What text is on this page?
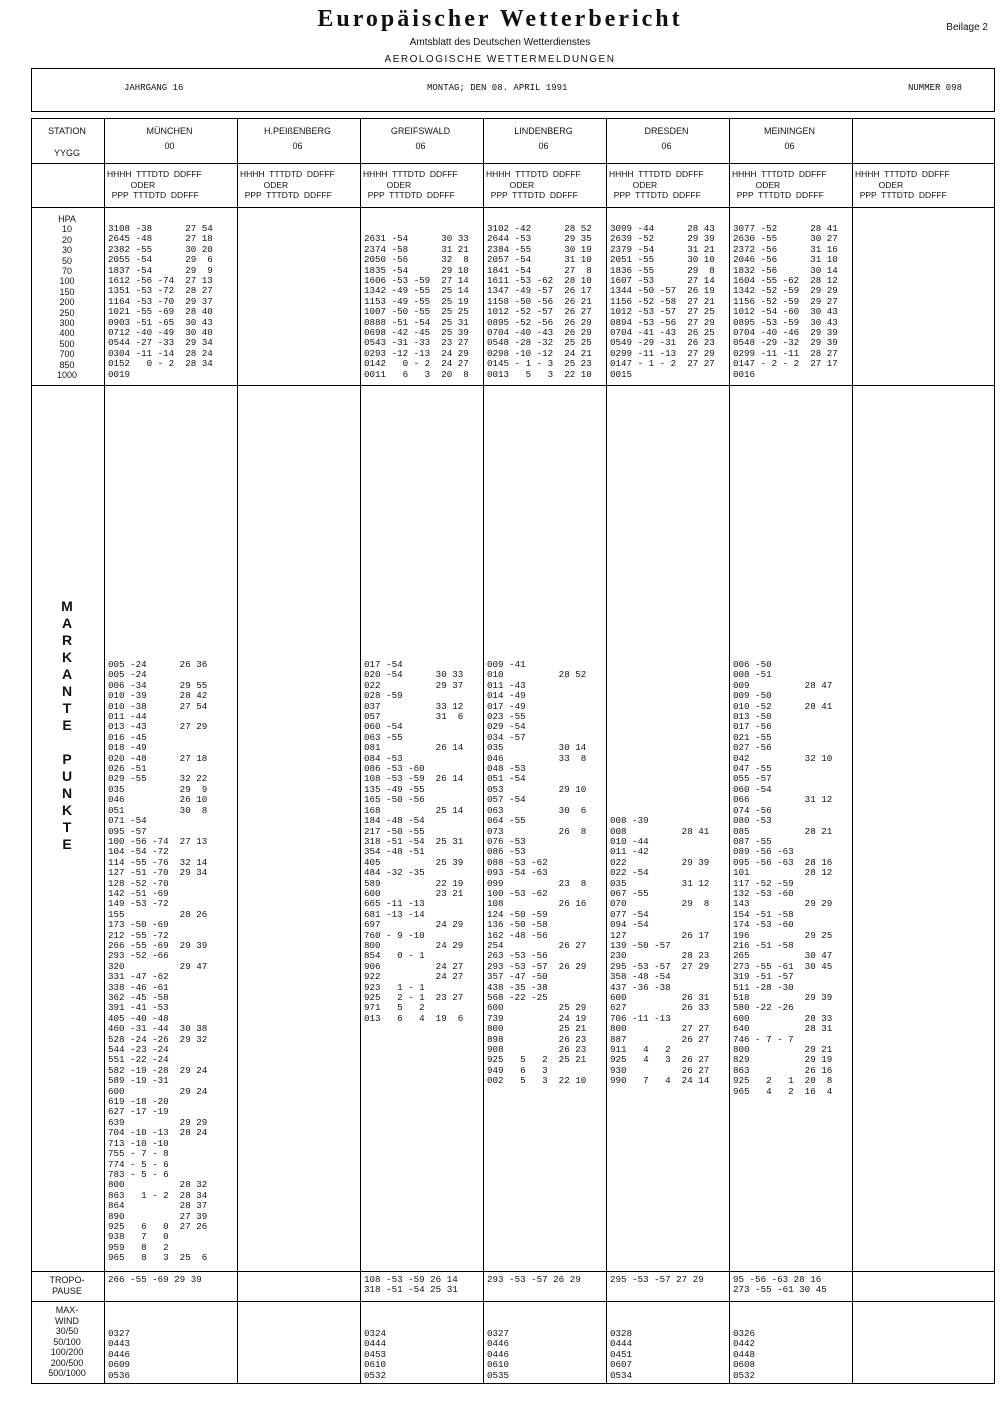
Europäischer Wetterbericht
Amtsblatt des Deutschen Wetterdienstes
AEROLOGISCHE WETTERMELDUNGEN
Beilage 2
JAHRGANG 16	MONTAG; DEN 08. APRIL 1991	NUMMER 098
STATION
YYGG
HPA
10
20
30
50
70
100
150
200
250
300
400
500
700
850
1000
M
A
R
K
A
N
T
E

P
U
N
K
T
E
TROPO-
PAUSE
MAX-
WIND
30/50
50/100
100/200
200/500
500/1000
MÜNCHEN
00
HHHH  TTTDTD  DDFFF
ODER
PPP  TTTDTD  DDFFF
3108 -38      27 54
2645 -48      27 18
2382 -55      30 20
2055 -54      29  6
1837 -54      29  9
1612 -56 -74  27 13
1351 -53 -72  28 27
1164 -53 -70  29 37
1021 -55 -69  28 40
0903 -51 -65  30 43
0712 -40 -49  30 40
0544 -27 -33  29 34
0304 -11 -14  28 24
0152   0 - 2  28 34
0019
005 -24      26 36
005 -24
006 -34      29 55
010 -39      28 42
010 -38      27 54
011 -44
013 -43      27 29
016 -45
018 -49
020 -48      27 18
026 -51
029 -55      32 22
035          29  9
046          26 10
051          30  8
071 -54
095 -57
100 -56 -74  27 13
104 -54 -72
114 -55 -76  32 14
127 -51 -70  29 34
128 -52 -70
142 -51 -69
149 -53 -72
155          28 26
173 -50 -69
212 -55 -72
266 -55 -69  29 39
293 -52 -66
320          29 47
331 -47 -62
338 -46 -61
362 -45 -58
391 -41 -53
405 -40 -48
460 -31 -44  30 38
528 -24 -26  29 32
544 -23 -24
551 -22 -24
582 -19 -28  29 24
589 -19 -31
600          29 24
619 -18 -20
627 -17 -19
639          29 29
704 -10 -13  28 24
713 -10 -10
755 - 7 - 8
774 - 5 - 6
783 - 5 - 6
800          28 32
863   1 - 2  28 34
864          28 37
890          27 39
925   6   0  27 26
938   7   0
959   8   2
965   8   3  25  6
266 -55 -69 29 39
0327
0443
0446
0609
0536
H.PEIßENBERG
06
HHHH  TTTDTD  DDFFF
ODER
PPP  TTTDTD  DDFFF
GREIFSWALD
06
HHHH  TTTDTD  DDFFF
ODER
PPP  TTTDTD  DDFFF

2631 -54      30 33
2374 -58      31 21
2050 -56      32  8
1835 -54      29 10
1606 -53 -59  27 14
1342 -49 -55  25 14
1153 -49 -55  25 19
1007 -50 -55  25 25
0888 -51 -54  25 31
0698 -42 -45  25 39
0543 -31 -33  23 27
0293 -12 -13  24 29
0142   0 - 2  24 27
0011   6   3  20  8
017 -54
020 -54      30 33
022          29 37
028 -59
037          33 12
057          31  6
060 -54
063 -55
081          26 14
084 -53
086 -53 -60
108 -53 -59  26 14
135 -49 -55
165 -50 -56
168          25 14
184 -48 -54
217 -50 -55
318 -51 -54  25 31
354 -48 -51
405          25 39
484 -32 -35
589          22 19
600          23 21
665 -11 -13
681 -13 -14
697          24 29
760 - 9 -10
800          24 29
854   0 - 1
906          24 27
922          24 27
923   1 - 1
925   2 - 1  23 27
971   5   2
013   6   4  19  6
108 -53 -59 26 14
318 -51 -54 25 31
0324
0444
0453
0610
0532
LINDENBERG
06
HHHH  TTTDTD  DDFFF
ODER
PPP  TTTDTD  DDFFF
3102 -42      28 52
2644 -53      29 35
2384 -55      30 19
2057 -54      31 10
1841 -54      27  8
1611 -53 -62  28 10
1347 -49 -57  26 17
1158 -50 -56  26 21
1012 -52 -57  26 27
0895 -52 -56  26 29
0704 -40 -43  26 29
0548 -28 -32  25 25
0298 -10 -12  24 21
0145 - 1 - 3  25 23
0013   5   3  22 10
009 -41
010          28 52
011 -43
014 -49
017 -49
023 -55
029 -54
034 -57
035          30 14
046          33  8
048 -53
051 -54
053          29 10
057 -54
063          30  6
064 -55
073          26  8
076 -53
086 -53
088 -53 -62
093 -54 -63
099          23  8
100 -53 -62
108          26 16
124 -50 -59
136 -50 -58
162 -48 -56
254          26 27
263 -53 -56
293 -53 -57  26 29
357 -47 -50
438 -35 -38
568 -22 -25
600          25 29
739          24 19
800          25 21
898          26 23
908          26 23
925   5   2  25 21
949   6   3
002   5   3  22 10
293 -53 -57 26 29
0327
0446
0446
0610
0535
DRESDEN
06
HHHH  TTTDTD  DDFFF
ODER
PPP  TTTDTD  DDFFF
3099 -44      28 43
2639 -52      29 39
2379 -54      31 21
2051 -55      30 10
1836 -55      29  8
1607 -53      27 14
1344 -50 -57  26 19
1156 -52 -58  27 21
1012 -53 -57  27 25
0894 -53 -56  27 29
0704 -41 -43  26 25
0549 -29 -31  26 23
0299 -11 -13  27 29
0147 - 1 - 2  27 27
0015

008 -39
008          28 41
010 -44
011 -42
022          29 39
022 -54
035          31 12
067 -55
070          29  8
077 -54
094 -54
127          26 17
139 -50 -57
230          28 23
295 -53 -57  27 29
358 -48 -54
437 -36 -38
600          26 31
627          26 33
706 -11 -13
800          27 27
887          26 27
911   4   2
925   4   3  26 27
930          26 27
990   7   4  24 14
295 -53 -57 27 29
0328
0444
0451
0607
0534
MEININGEN
06
HHHH  TTTDTD  DDFFF
ODER
PPP  TTTDTD  DDFFF
3077 -52      28 41
2630 -55      30 27
2372 -56      31 16
2046 -56      31 10
1832 -56      30 14
1604 -55 -62  28 12
1342 -52 -59  29 29
1156 -52 -59  29 27
1012 -54 -60  30 43
0895 -53 -59  30 43
0704 -40 -46  29 39
0548 -29 -32  29 39
0299 -11 -11  28 27
0147 - 2 - 2  27 17
0016
006 -50
008 -51
009          28 47
009 -50
010 -52      28 41
013 -50
017 -56
021 -55
027 -56
042          32 10
047 -55
055 -57
060 -54
066          31 12
074 -56
080 -53
085          28 21
087 -55
089 -56 -63
095 -56 -63  28 16
101          28 12
117 -52 -59
132 -53 -60
143          29 29
154 -51 -58
174 -53 -60
196          29 25
216 -51 -58
265          30 47
273 -55 -61  30 45
319 -51 -57
511 -28 -30
518          29 39
580 -22 -26
600          28 33
640          28 31
746 - 7 - 7
800          29 21
829          29 19
863          26 16
925   2   1  20  8
965   4   2  16  4
95 -56 -63 28 16
273 -55 -61 30 45
0326
0442
0448
0608
0532
HHHH  TTTDTD  DDFFF
ODER
PPP  TTTDTD  DDFFF
